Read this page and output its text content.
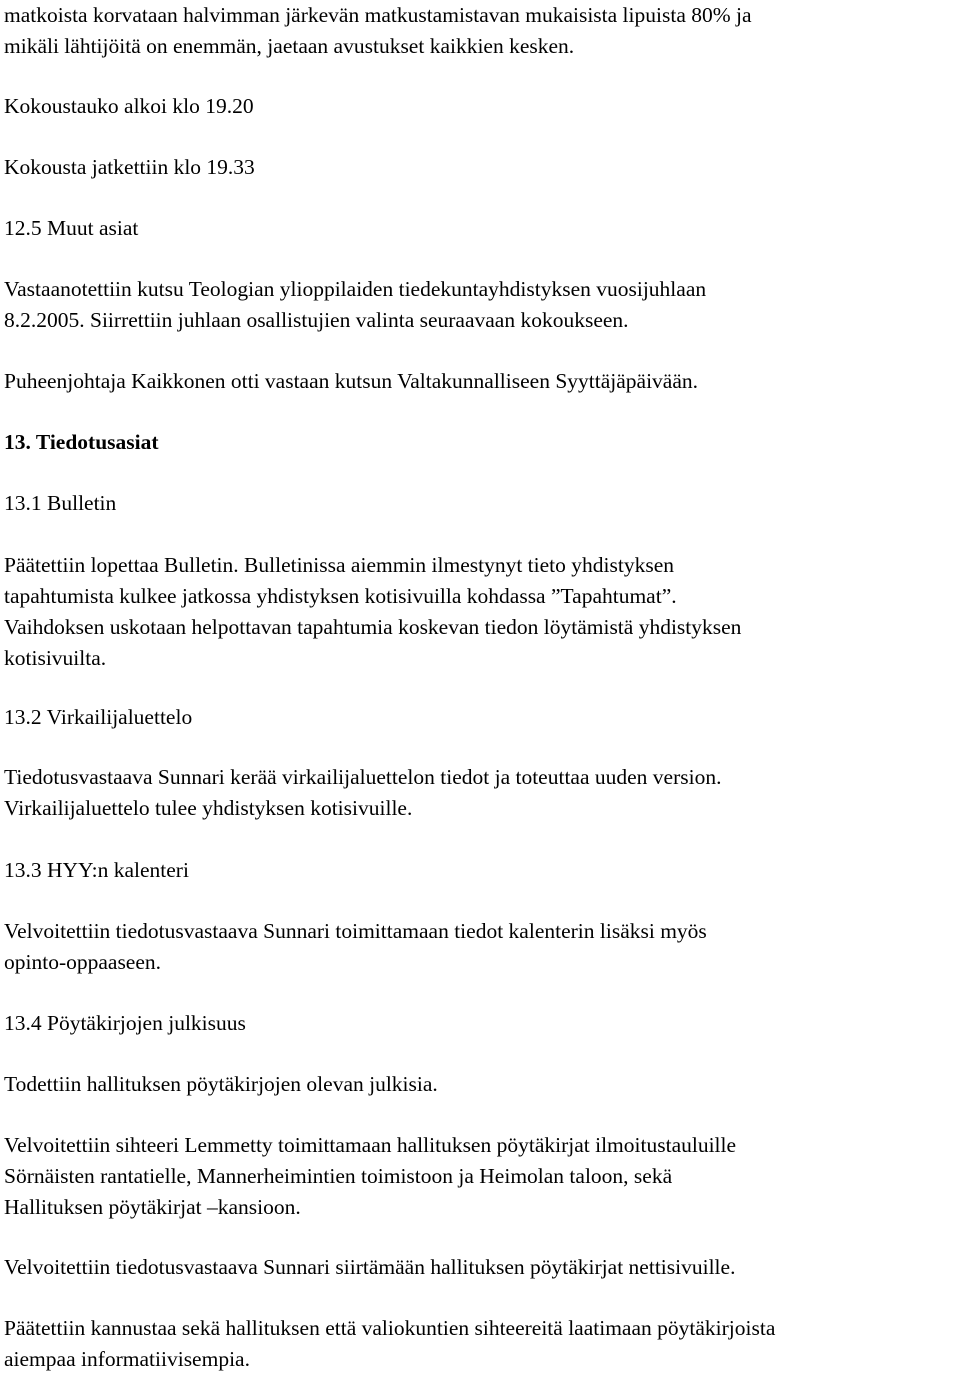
matkoista korvataan halvimman järkevän matkustamistavan mukaisista lipuista 80% ja
mikäli lähtijöitä on enemmän, jaetaan avustukset kaikkien kesken.

Kokoustauko alkoi klo 19.20

Kokousta jatkettiin klo 19.33

12.5 Muut asiat

Vastaanotettiin kutsu Teologian ylioppilaiden tiedekuntayhdistyksen vuosijuhlaan
8.2.2005. Siirrettiin juhlaan osallistujien valinta seuraavaan kokoukseen.

Puheenjohtaja Kaikkonen otti vastaan kutsun Valtakunnalliseen Syyttäjäpäivään.

13. Tiedotusasiat

13.1 Bulletin

Päätettiin lopettaa Bulletin. Bulletinissa aiemmin ilmestynyt tieto yhdistyksen
tapahtumista kulkee jatkossa yhdistyksen kotisivuilla kohdassa ”Tapahtumat”.
Vaihdoksen uskotaan helpottavan tapahtumia koskevan tiedon löytämistä yhdistyksen
kotisivuilta.

13.2 Virkailijaluettelo

Tiedotusvastaava Sunnari kerää virkailijaluettelon tiedot ja toteuttaa uuden version.
Virkailijaluettelo tulee yhdistyksen kotisivuille.

13.3 HYY:n kalenteri

Velvoitettiin tiedotusvastaava Sunnari toimittamaan tiedot kalenterin lisäksi myös
opinto-oppaaseen.

13.4 Pöytäkirjojen julkisuus

Todettiin hallituksen pöytäkirjojen olevan julkisia.

Velvoitettiin sihteeri Lemmetty toimittamaan hallituksen pöytäkirjat ilmoitustauluille
Sörnäisten rantatielle, Mannerheimintien toimistoon ja Heimolan taloon, sekä
Hallituksen pöytäkirjat –kansioon.

Velvoitettiin tiedotusvastaava Sunnari siirtämään hallituksen pöytäkirjat nettisivuille.

Päätettiin kannustaa sekä hallituksen että valiokuntien sihteereitä laatimaan pöytäkirjoista
aiempaa informatiivisempia.
